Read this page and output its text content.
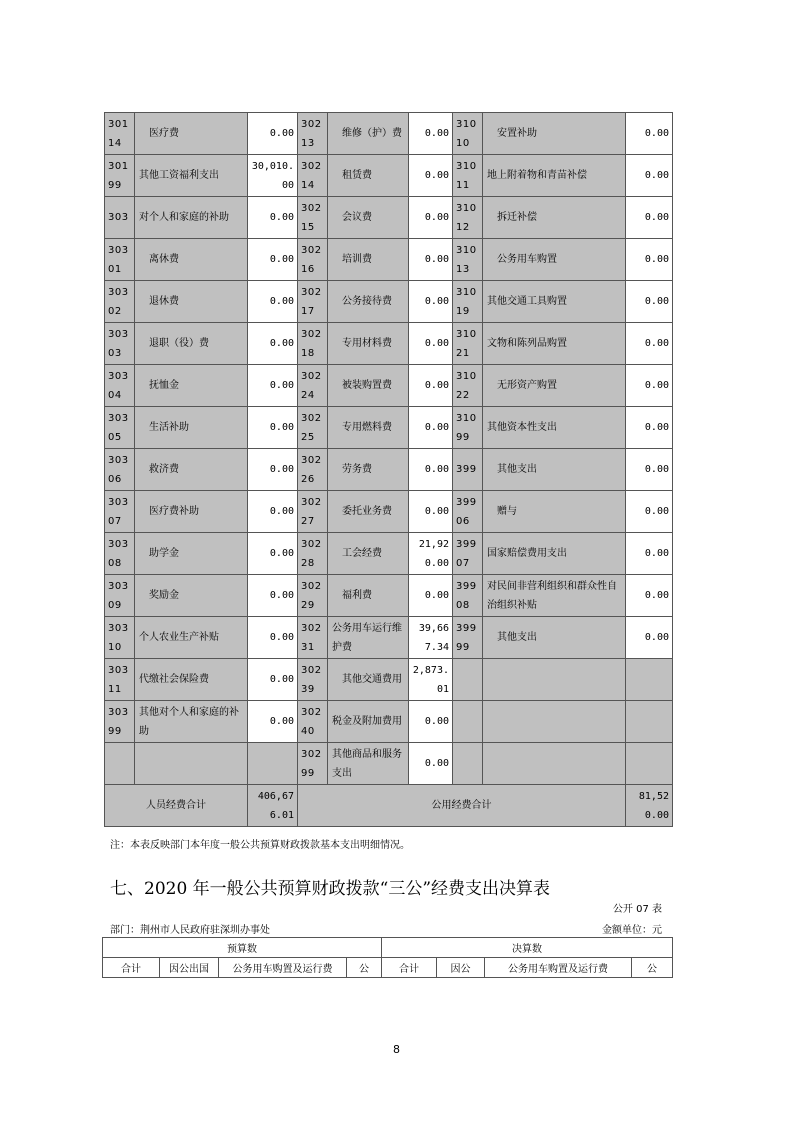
30114	医疗费	0.00	30213	维修（护）费	0.00	31010	安置补助	0.00
30199	其他工资福利支出	30,010.00	30214	租赁费	0.00	31011	地上附着物和青苗补偿	0.00
303	对个人和家庭的补助	0.00	30215	会议费	0.00	31012	拆迁补偿	0.00
30301	离休费	0.00	30216	培训费	0.00	31013	公务用车购置	0.00
30302	退休费	0.00	30217	公务接待费	0.00	31019	其他交通工具购置	0.00
30303	退职（役）费	0.00	30218	专用材料费	0.00	31021	文物和陈列品购置	0.00
30304	抚恤金	0.00	30224	被装购置费	0.00	31022	无形资产购置	0.00
30305	生活补助	0.00	30225	专用燃料费	0.00	31099	其他资本性支出	0.00
30306	救济费	0.00	30226	劳务费	0.00	399	其他支出	0.00
30307	医疗费补助	0.00	30227	委托业务费	0.00	39906	赠与	0.00
30308	助学金	0.00	30228	工会经费	21,920.00	39907	国家赔偿费用支出	0.00
30309	奖励金	0.00	30229	福利费	0.00	39908	对民间非营利组织和群众性自治组织补贴	0.00
30310	个人农业生产补贴	0.00	30231	公务用车运行维护费	39,667.34	39999	其他支出	0.00
30311	代缴社会保险费	0.00	30239	其他交通费用	2,873.01			
30399	其他对个人和家庭的补助	0.00	30240	税金及附加费用	0.00			
			30299	其他商品和服务支出	0.00			
人员经费合计		406,676.01	公用经费合计					81,520.00
注：本表反映部门本年度一般公共预算财政拨款基本支出明细情况。
七、2020 年一般公共预算财政拨款“三公”经费支出决算表
公开 07 表
部门：荆州市人民政府驻深圳办事处	金额单位：元
预算数				决算数			
合计	因公出国	公务用车购置及运行费	公	合计	因公	公务用车购置及运行费	公
8
